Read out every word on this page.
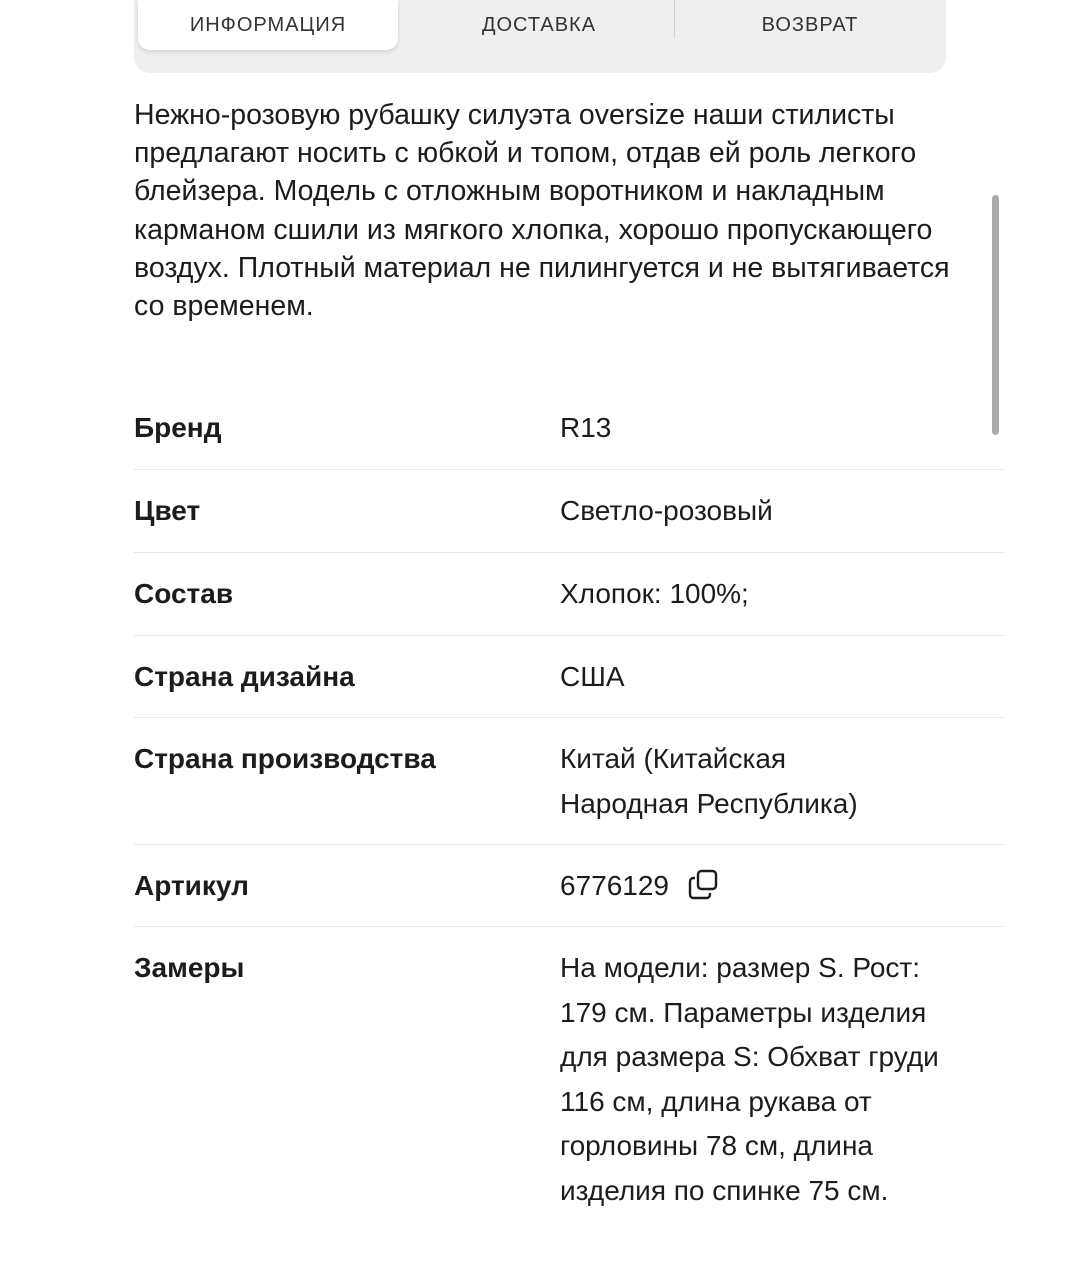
ИНФОРМАЦИЯ	ДОСТАВКА	ВОЗВРАТ

Нежно-розовую рубашку силуэта oversize наши стилисты предлагают носить с юбкой и топом, отдав ей роль легкого блейзера. Модель с отложным воротником и накладным карманом сшили из мягкого хлопка, хорошо пропускающего воздух. Плотный материал не пилингуется и не вытягивается со временем.

Бренд	R13
Цвет	Светло-розовый
Состав	Хлопок: 100%;
Страна дизайна	США
Страна производства	Китай (Китайская Народная Республика)
Артикул	6776129
Замеры	На модели: размер S. Рост: 179 см. Параметры изделия для размера S: Обхват груди 116 см, длина рукава от горловины 78 см, длина изделия по спинке 75 см.
